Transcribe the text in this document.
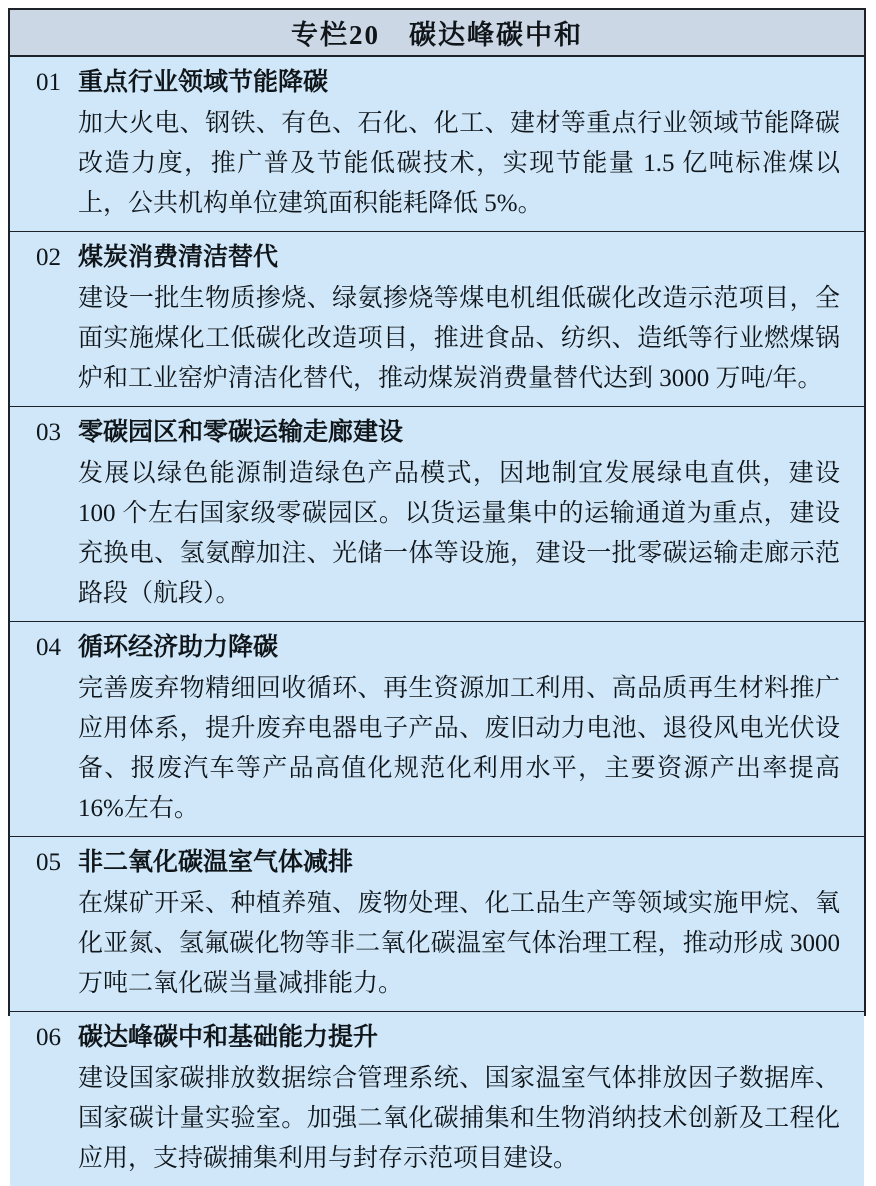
专栏20　碳达峰碳中和
01 重点行业领域节能降碳

加大火电、钢铁、有色、石化、化工、建材等重点行业领域节能降碳改造力度，推广普及节能低碳技术，实现节能量 1.5 亿吨标准煤以上，公共机构单位建筑面积能耗降低 5%。

02 煤炭消费清洁替代

建设一批生物质掺烧、绿氨掺烧等煤电机组低碳化改造示范项目，全面实施煤化工低碳化改造项目，推进食品、纺织、造纸等行业燃煤锅炉和工业窑炉清洁化替代，推动煤炭消费量替代达到 3000 万吨/年。

03 零碳园区和零碳运输走廊建设

发展以绿色能源制造绿色产品模式，因地制宜发展绿电直供，建设 100 个左右国家级零碳园区。以货运量集中的运输通道为重点，建设充换电、氢氨醇加注、光储一体等设施，建设一批零碳运输走廊示范路段（航段）。

04 循环经济助力降碳

完善废弃物精细回收循环、再生资源加工利用、高品质再生材料推广应用体系，提升废弃电器电子产品、废旧动力电池、退役风电光伏设备、报废汽车等产品高值化规范化利用水平，主要资源产出率提高 16%左右。

05 非二氧化碳温室气体减排

在煤矿开采、种植养殖、废物处理、化工品生产等领域实施甲烷、氧化亚氮、氢氟碳化物等非二氧化碳温室气体治理工程，推动形成 3000 万吨二氧化碳当量减排能力。

06 碳达峰碳中和基础能力提升

建设国家碳排放数据综合管理系统、国家温室气体排放因子数据库、国家碳计量实验室。加强二氧化碳捕集和生物消纳技术创新及工程化应用，支持碳捕集利用与封存示范项目建设。
